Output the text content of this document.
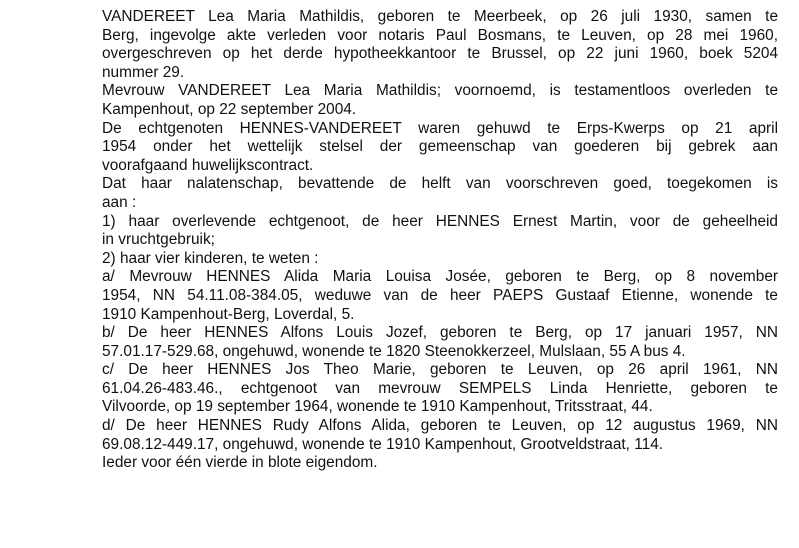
VANDEREET Lea Maria Mathildis, geboren te Meerbeek, op 26 juli 1930, samen te
Berg, ingevolge akte verleden voor notaris Paul Bosmans, te Leuven, op 28 mei 1960,
overgeschreven op het derde hypotheekkantoor te Brussel, op 22 juni 1960, boek 5204
nummer 29.
Mevrouw VANDEREET Lea Maria Mathildis; voornoemd, is testamentloos overleden te
Kampenhout, op 22 september 2004.
De echtgenoten HENNES-VANDEREET waren gehuwd te Erps-Kwerps op 21 april
1954 onder het wettelijk stelsel der gemeenschap van goederen bij gebrek aan
voorafgaand huwelijkscontract.
Dat haar nalatenschap, bevattende de helft van voorschreven goed, toegekomen is
aan :
1) haar overlevende echtgenoot, de heer HENNES Ernest Martin, voor de geheelheid
in vruchtgebruik;
2) haar vier kinderen, te weten :
a/ Mevrouw HENNES Alida Maria Louisa Josée, geboren te Berg, op 8 november
1954, NN 54.11.08-384.05, weduwe van de heer PAEPS Gustaaf Etienne, wonende te
1910 Kampenhout-Berg, Loverdal, 5.
b/ De heer HENNES Alfons Louis Jozef, geboren te Berg, op 17 januari 1957, NN
57.01.17-529.68, ongehuwd, wonende te 1820 Steenokkerzeel, Mulslaan, 55 A bus 4.
c/ De heer HENNES Jos Theo Marie, geboren te Leuven, op 26 april 1961, NN
61.04.26-483.46., echtgenoot van mevrouw SEMPELS Linda Henriette, geboren te
Vilvoorde, op 19 september 1964, wonende te 1910 Kampenhout, Tritsstraat, 44.
d/ De heer HENNES Rudy Alfons Alida, geboren te Leuven, op 12 augustus 1969, NN
69.08.12-449.17, ongehuwd, wonende te 1910 Kampenhout, Grootveldstraat, 114.
Ieder voor één vierde in blote eigendom.
